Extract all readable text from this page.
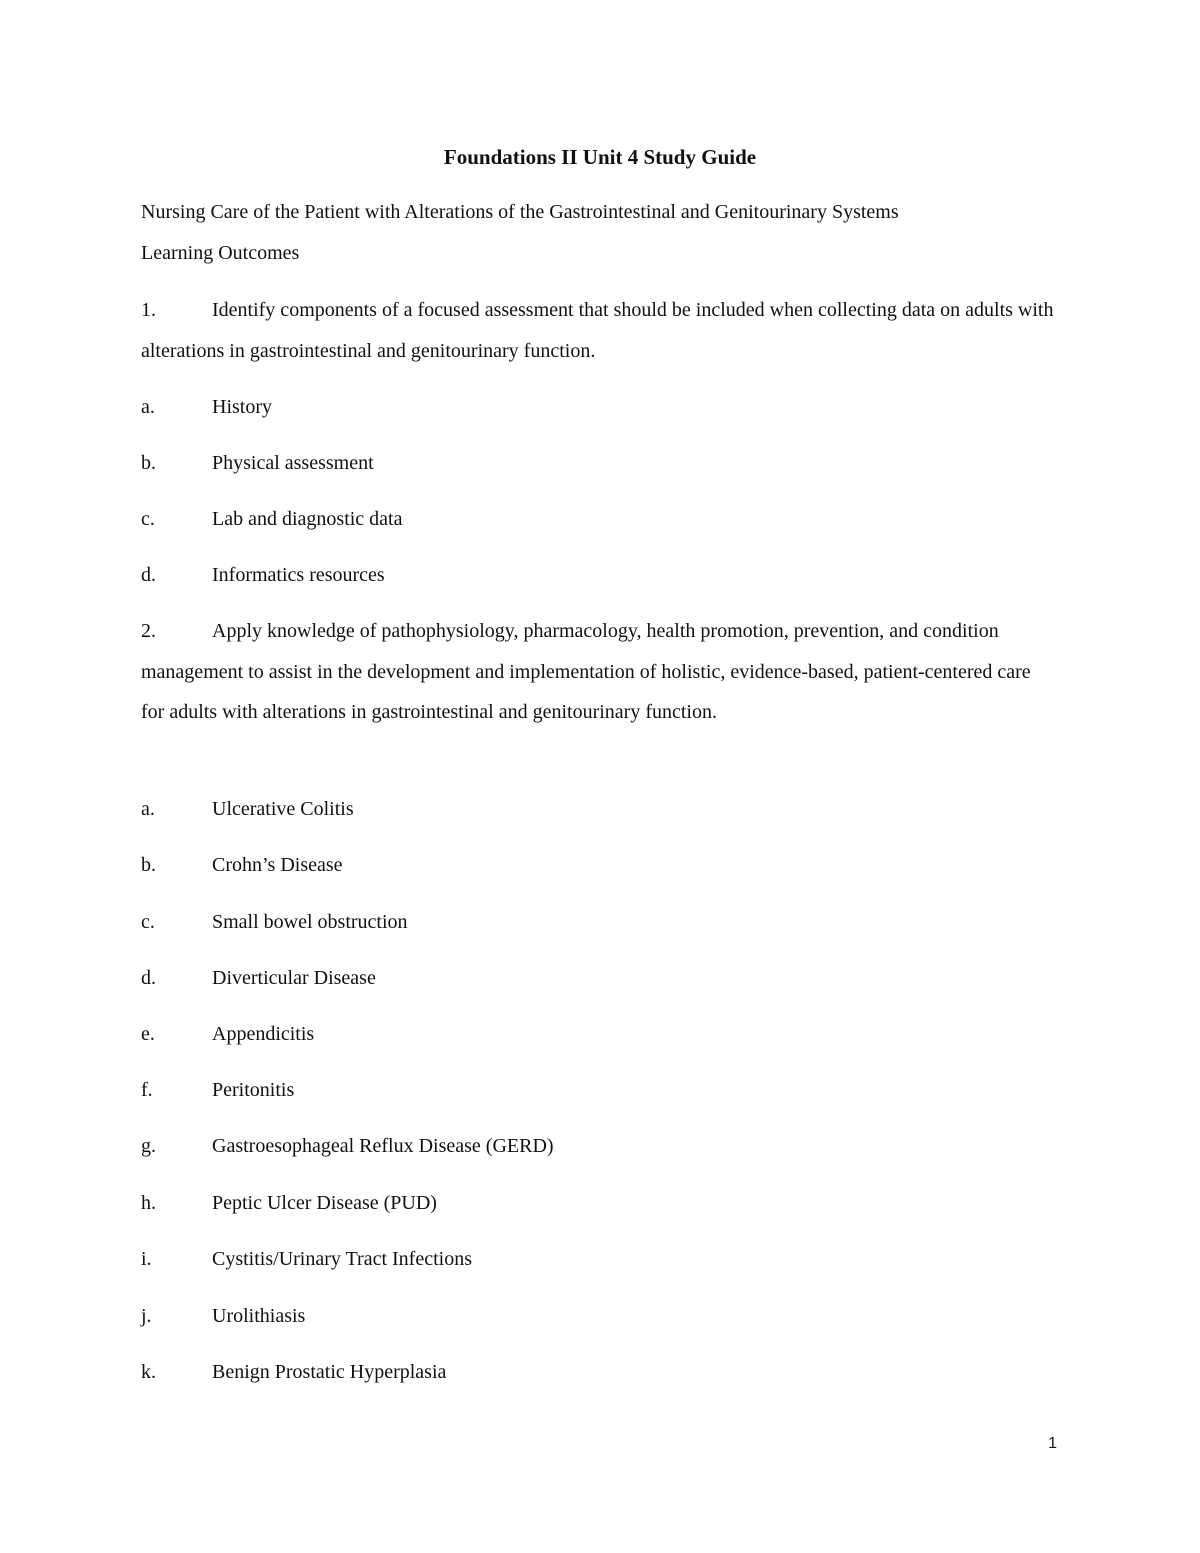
Foundations II Unit 4 Study Guide
Nursing Care of the Patient with Alterations of the Gastrointestinal and Genitourinary Systems
Learning Outcomes
1.	Identify components of a focused assessment that should be included when collecting data on adults with alterations in gastrointestinal and genitourinary function.
a.	History
b.	Physical assessment
c.	Lab and diagnostic data
d.	Informatics resources
2.	Apply knowledge of pathophysiology, pharmacology, health promotion, prevention, and condition management to assist in the development and implementation of holistic, evidence-based, patient-centered care for adults with alterations in gastrointestinal and genitourinary function.
a.	Ulcerative Colitis
b.	Crohn’s Disease
c.	Small bowel obstruction
d.	Diverticular Disease
e.	Appendicitis
f.	Peritonitis
g.	Gastroesophageal Reflux Disease (GERD)
h.	Peptic Ulcer Disease (PUD)
i.	Cystitis/Urinary Tract Infections
j.	Urolithiasis
k.	Benign Prostatic Hyperplasia
1
